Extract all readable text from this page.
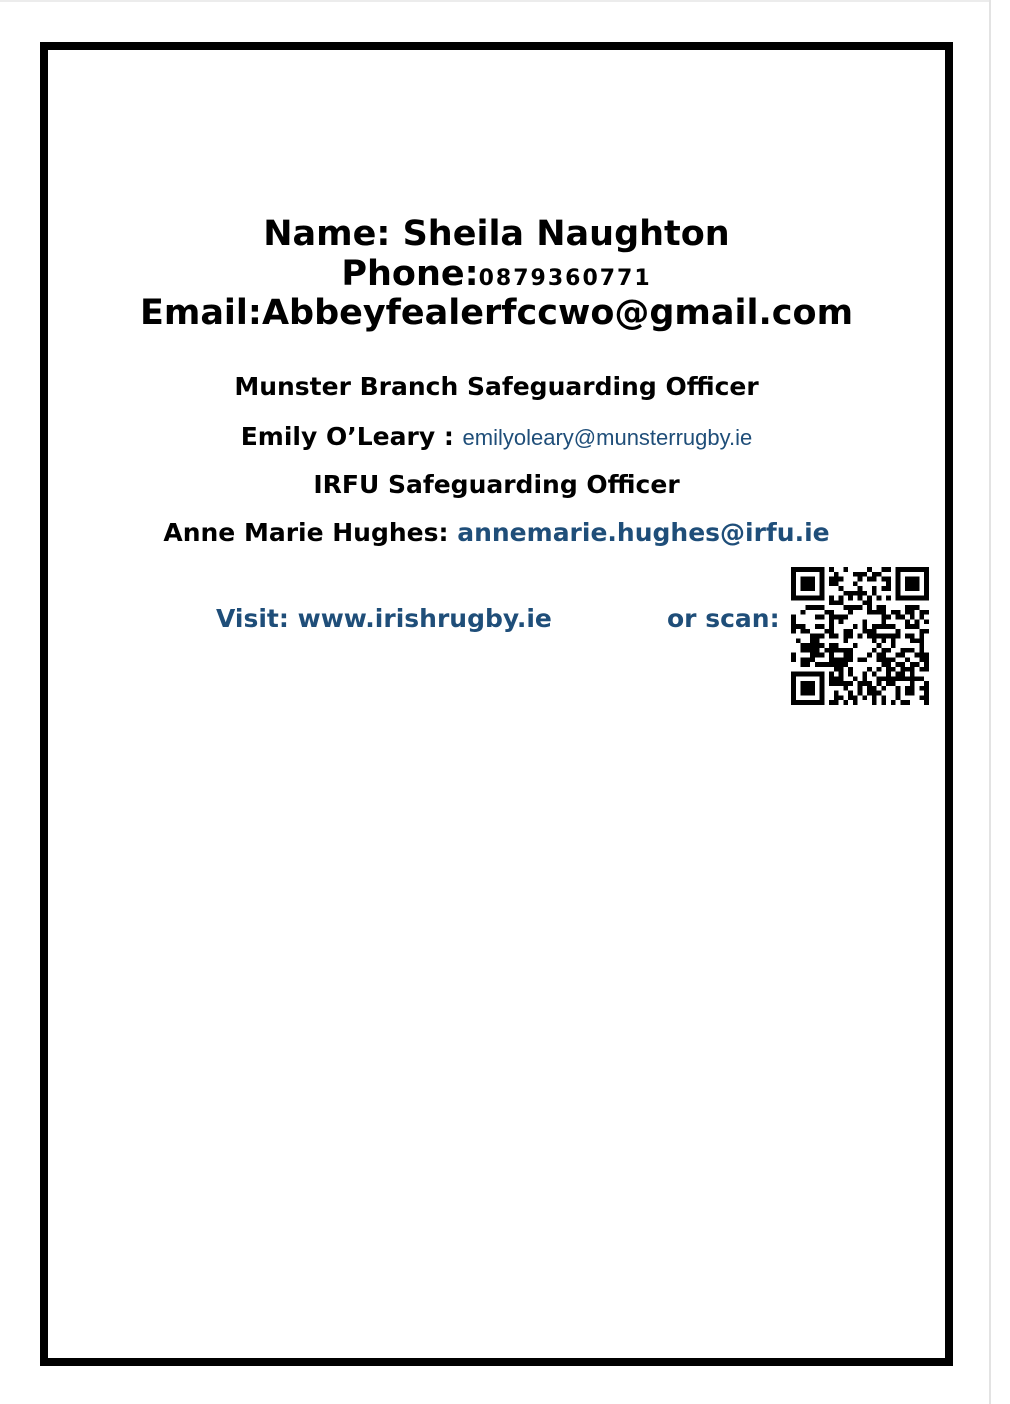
Name: Sheila Naughton
Phone:0879360771
Email:Abbeyfealerfccwo@gmail.com
Munster Branch Safeguarding Officer
Emily O’Leary : emilyoleary@munsterrugby.ie
IRFU Safeguarding Officer
Anne Marie Hughes: annemarie.hughes@irfu.ie
Visit: www.irishrugby.ie	or scan:
